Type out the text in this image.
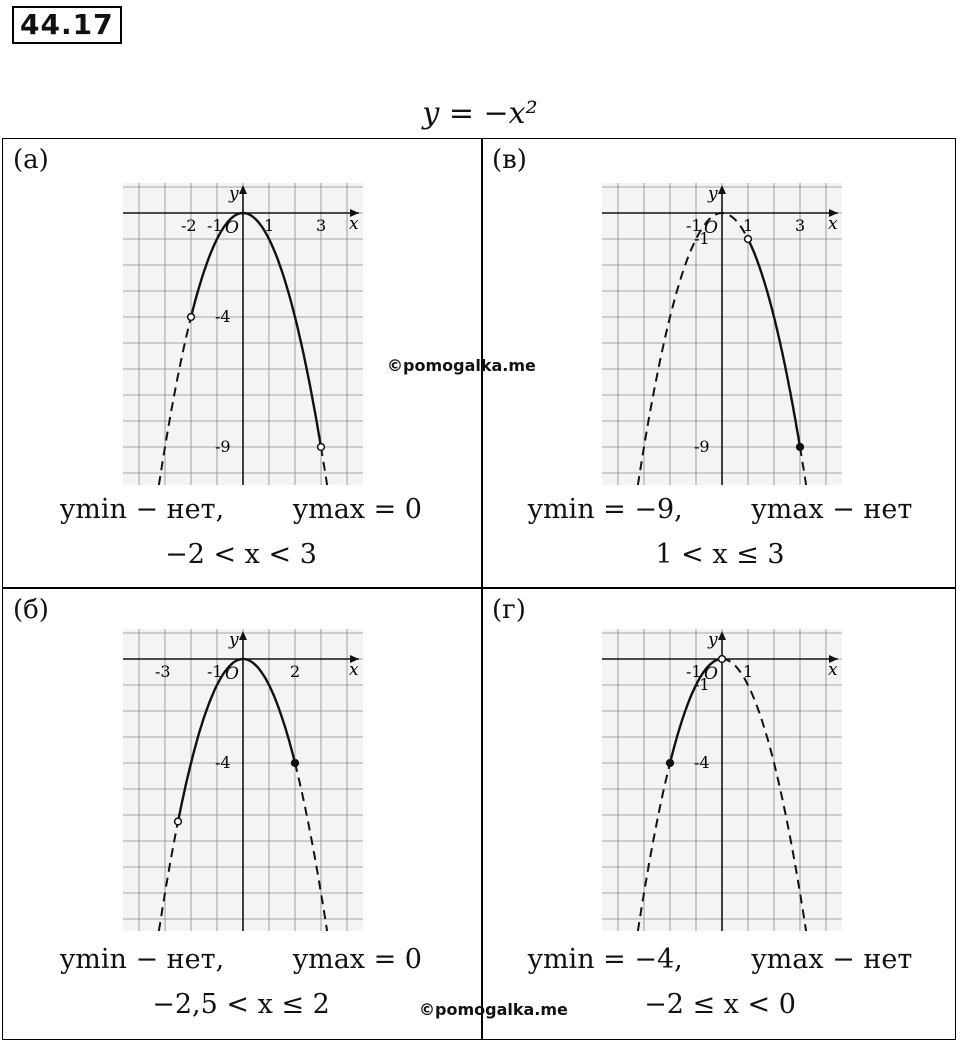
44.17
y = −x²
(а)
x
y
O
-2 -1	1	3
-4
-9
ymin − нет,        ymax = 0
−2 < x < 3
(в)
x
y
O
-1	1	3
-1
-9
ymin = −9,        ymax − нет
1 < x ≤ 3
(б)
x
y
O
-3 -1	2
-4
ymin − нет,        ymax = 0
−2,5 < x ≤ 2
(г)
x
y
O
-1	1
-1
-4
ymin = −4,        ymax − нет
−2 ≤ x < 0
©pomogalka.me
©pomogalka.me
